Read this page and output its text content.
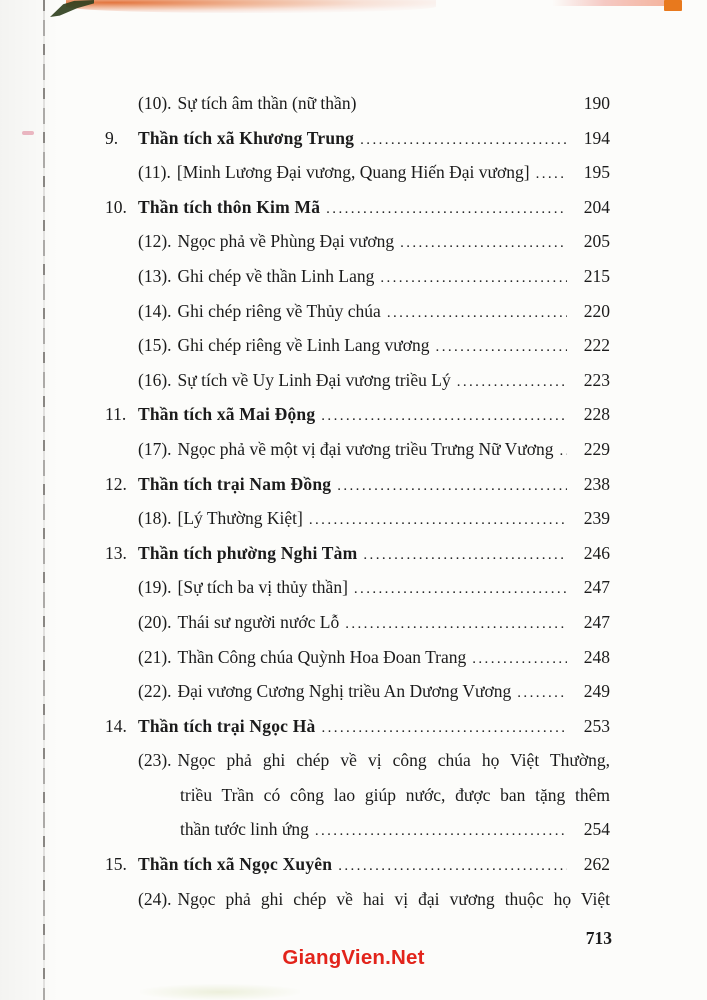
(10). Sự tích âm thần (nữ thần)	190
9. Thần tích xã Khương Trung .....	194
(11). [Minh Lương Đại vương, Quang Hiến Đại vương] .....	195
10. Thần tích thôn Kim Mã .....	204
(12). Ngọc phả về Phùng Đại vương .....	205
(13). Ghi chép về thần Linh Lang .....	215
(14). Ghi chép riêng về Thủy chúa .....	220
(15). Ghi chép riêng về Linh Lang vương .....	222
(16). Sự tích về Uy Linh Đại vương triều Lý .....	223
11. Thần tích xã Mai Động .....	228
(17). Ngọc phả về một vị đại vương triều Trưng Nữ Vương .....	229
12. Thần tích trại Nam Đồng .....	238
(18). [Lý Thường Kiệt] .....	239
13. Thần tích phường Nghi Tàm .....	246
(19). [Sự tích ba vị thủy thần] .....	247
(20). Thái sư người nước Lỗ .....	247
(21). Thần Công chúa Quỳnh Hoa Đoan Trang .....	248
(22). Đại vương Cương Nghị triều An Dương Vương .....	249
14. Thần tích trại Ngọc Hà .....	253
(23). Ngọc phả ghi chép về vị công chúa họ Việt Thường,
triều Trần có công lao giúp nước, được ban tặng thêm
thần tước linh ứng .....	254
15. Thần tích xã Ngọc Xuyên .....	262
(24). Ngọc phả ghi chép về hai vị đại vương thuộc họ Việt
713
GiangVien.Net
